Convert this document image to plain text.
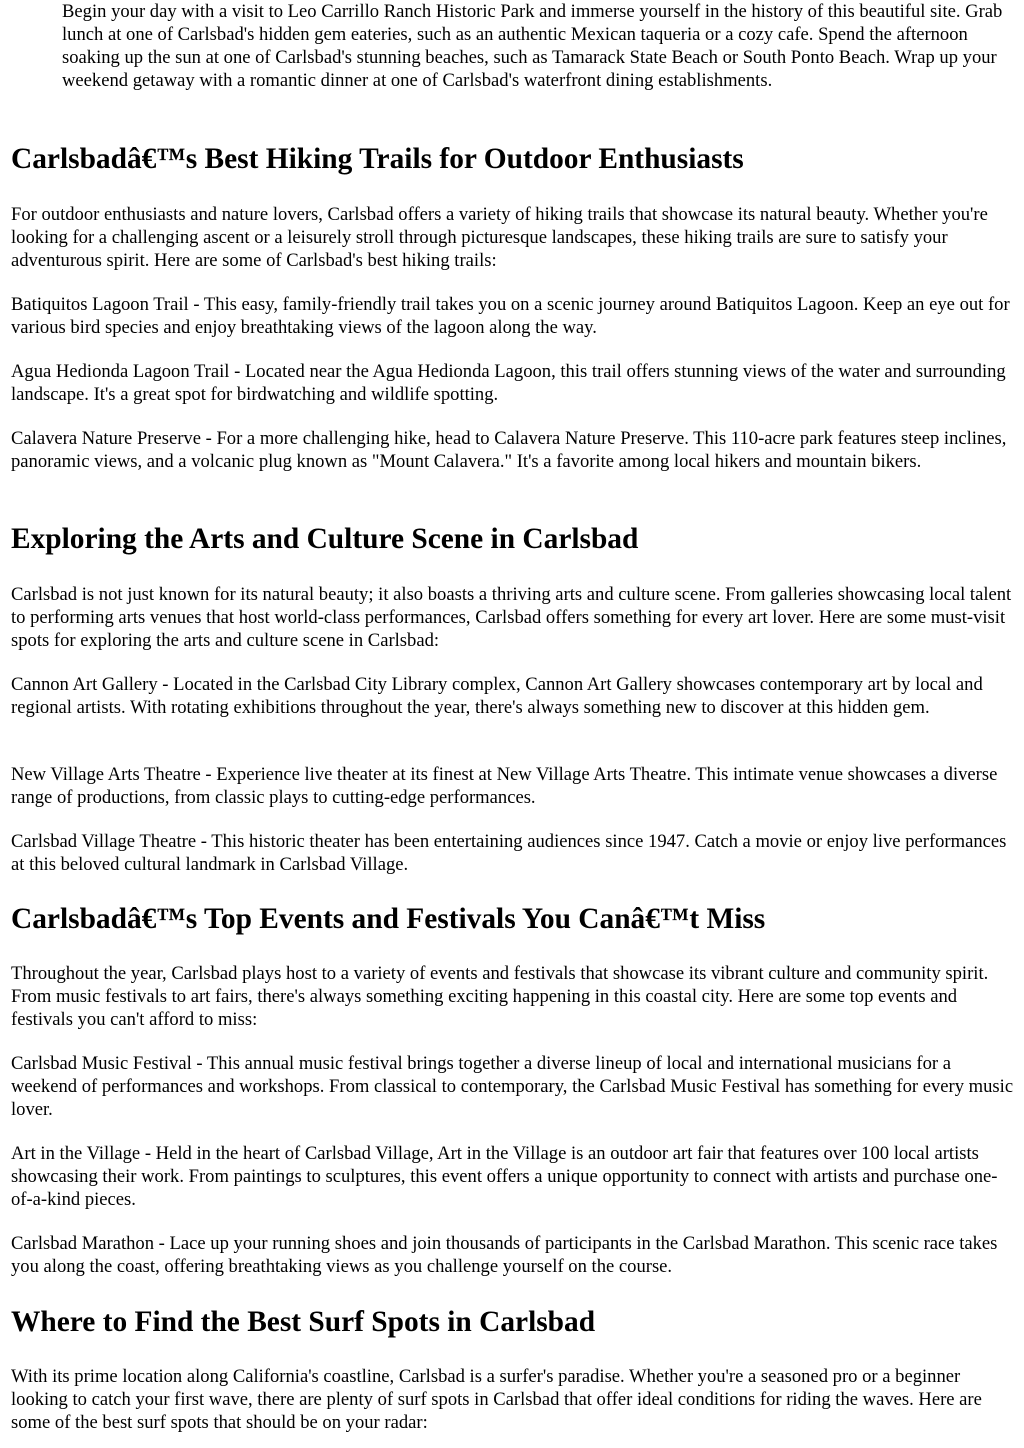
Begin your day with a visit to Leo Carrillo Ranch Historic Park and immerse yourself in the history of this beautiful site. Grab lunch at one of Carlsbad's hidden gem eateries, such as an authentic Mexican taqueria or a cozy cafe. Spend the afternoon soaking up the sun at one of Carlsbad's stunning beaches, such as Tamarack State Beach or South Ponto Beach. Wrap up your weekend getaway with a romantic dinner at one of Carlsbad's waterfront dining establishments.

Carlsbadâ€™s Best Hiking Trails for Outdoor Enthusiasts

For outdoor enthusiasts and nature lovers, Carlsbad offers a variety of hiking trails that showcase its natural beauty. Whether you're looking for a challenging ascent or a leisurely stroll through picturesque landscapes, these hiking trails are sure to satisfy your adventurous spirit. Here are some of Carlsbad's best hiking trails:

Batiquitos Lagoon Trail - This easy, family-friendly trail takes you on a scenic journey around Batiquitos Lagoon. Keep an eye out for various bird species and enjoy breathtaking views of the lagoon along the way.

Agua Hedionda Lagoon Trail - Located near the Agua Hedionda Lagoon, this trail offers stunning views of the water and surrounding landscape. It's a great spot for birdwatching and wildlife spotting.

Calavera Nature Preserve - For a more challenging hike, head to Calavera Nature Preserve. This 110-acre park features steep inclines, panoramic views, and a volcanic plug known as "Mount Calavera." It's a favorite among local hikers and mountain bikers.

Exploring the Arts and Culture Scene in Carlsbad

Carlsbad is not just known for its natural beauty; it also boasts a thriving arts and culture scene. From galleries showcasing local talent to performing arts venues that host world-class performances, Carlsbad offers something for every art lover. Here are some must-visit spots for exploring the arts and culture scene in Carlsbad:

Cannon Art Gallery - Located in the Carlsbad City Library complex, Cannon Art Gallery showcases contemporary art by local and regional artists. With rotating exhibitions throughout the year, there's always something new to discover at this hidden gem.

New Village Arts Theatre - Experience live theater at its finest at New Village Arts Theatre. This intimate venue showcases a diverse range of productions, from classic plays to cutting-edge performances.

Carlsbad Village Theatre - This historic theater has been entertaining audiences since 1947. Catch a movie or enjoy live performances at this beloved cultural landmark in Carlsbad Village.

Carlsbadâ€™s Top Events and Festivals You Canâ€™t Miss

Throughout the year, Carlsbad plays host to a variety of events and festivals that showcase its vibrant culture and community spirit. From music festivals to art fairs, there's always something exciting happening in this coastal city. Here are some top events and festivals you can't afford to miss:

Carlsbad Music Festival - This annual music festival brings together a diverse lineup of local and international musicians for a weekend of performances and workshops. From classical to contemporary, the Carlsbad Music Festival has something for every music lover.

Art in the Village - Held in the heart of Carlsbad Village, Art in the Village is an outdoor art fair that features over 100 local artists showcasing their work. From paintings to sculptures, this event offers a unique opportunity to connect with artists and purchase one-of-a-kind pieces.

Carlsbad Marathon - Lace up your running shoes and join thousands of participants in the Carlsbad Marathon. This scenic race takes you along the coast, offering breathtaking views as you challenge yourself on the course.

Where to Find the Best Surf Spots in Carlsbad

With its prime location along California's coastline, Carlsbad is a surfer's paradise. Whether you're a seasoned pro or a beginner looking to catch your first wave, there are plenty of surf spots in Carlsbad that offer ideal conditions for riding the waves. Here are some of the best surf spots that should be on your radar:
